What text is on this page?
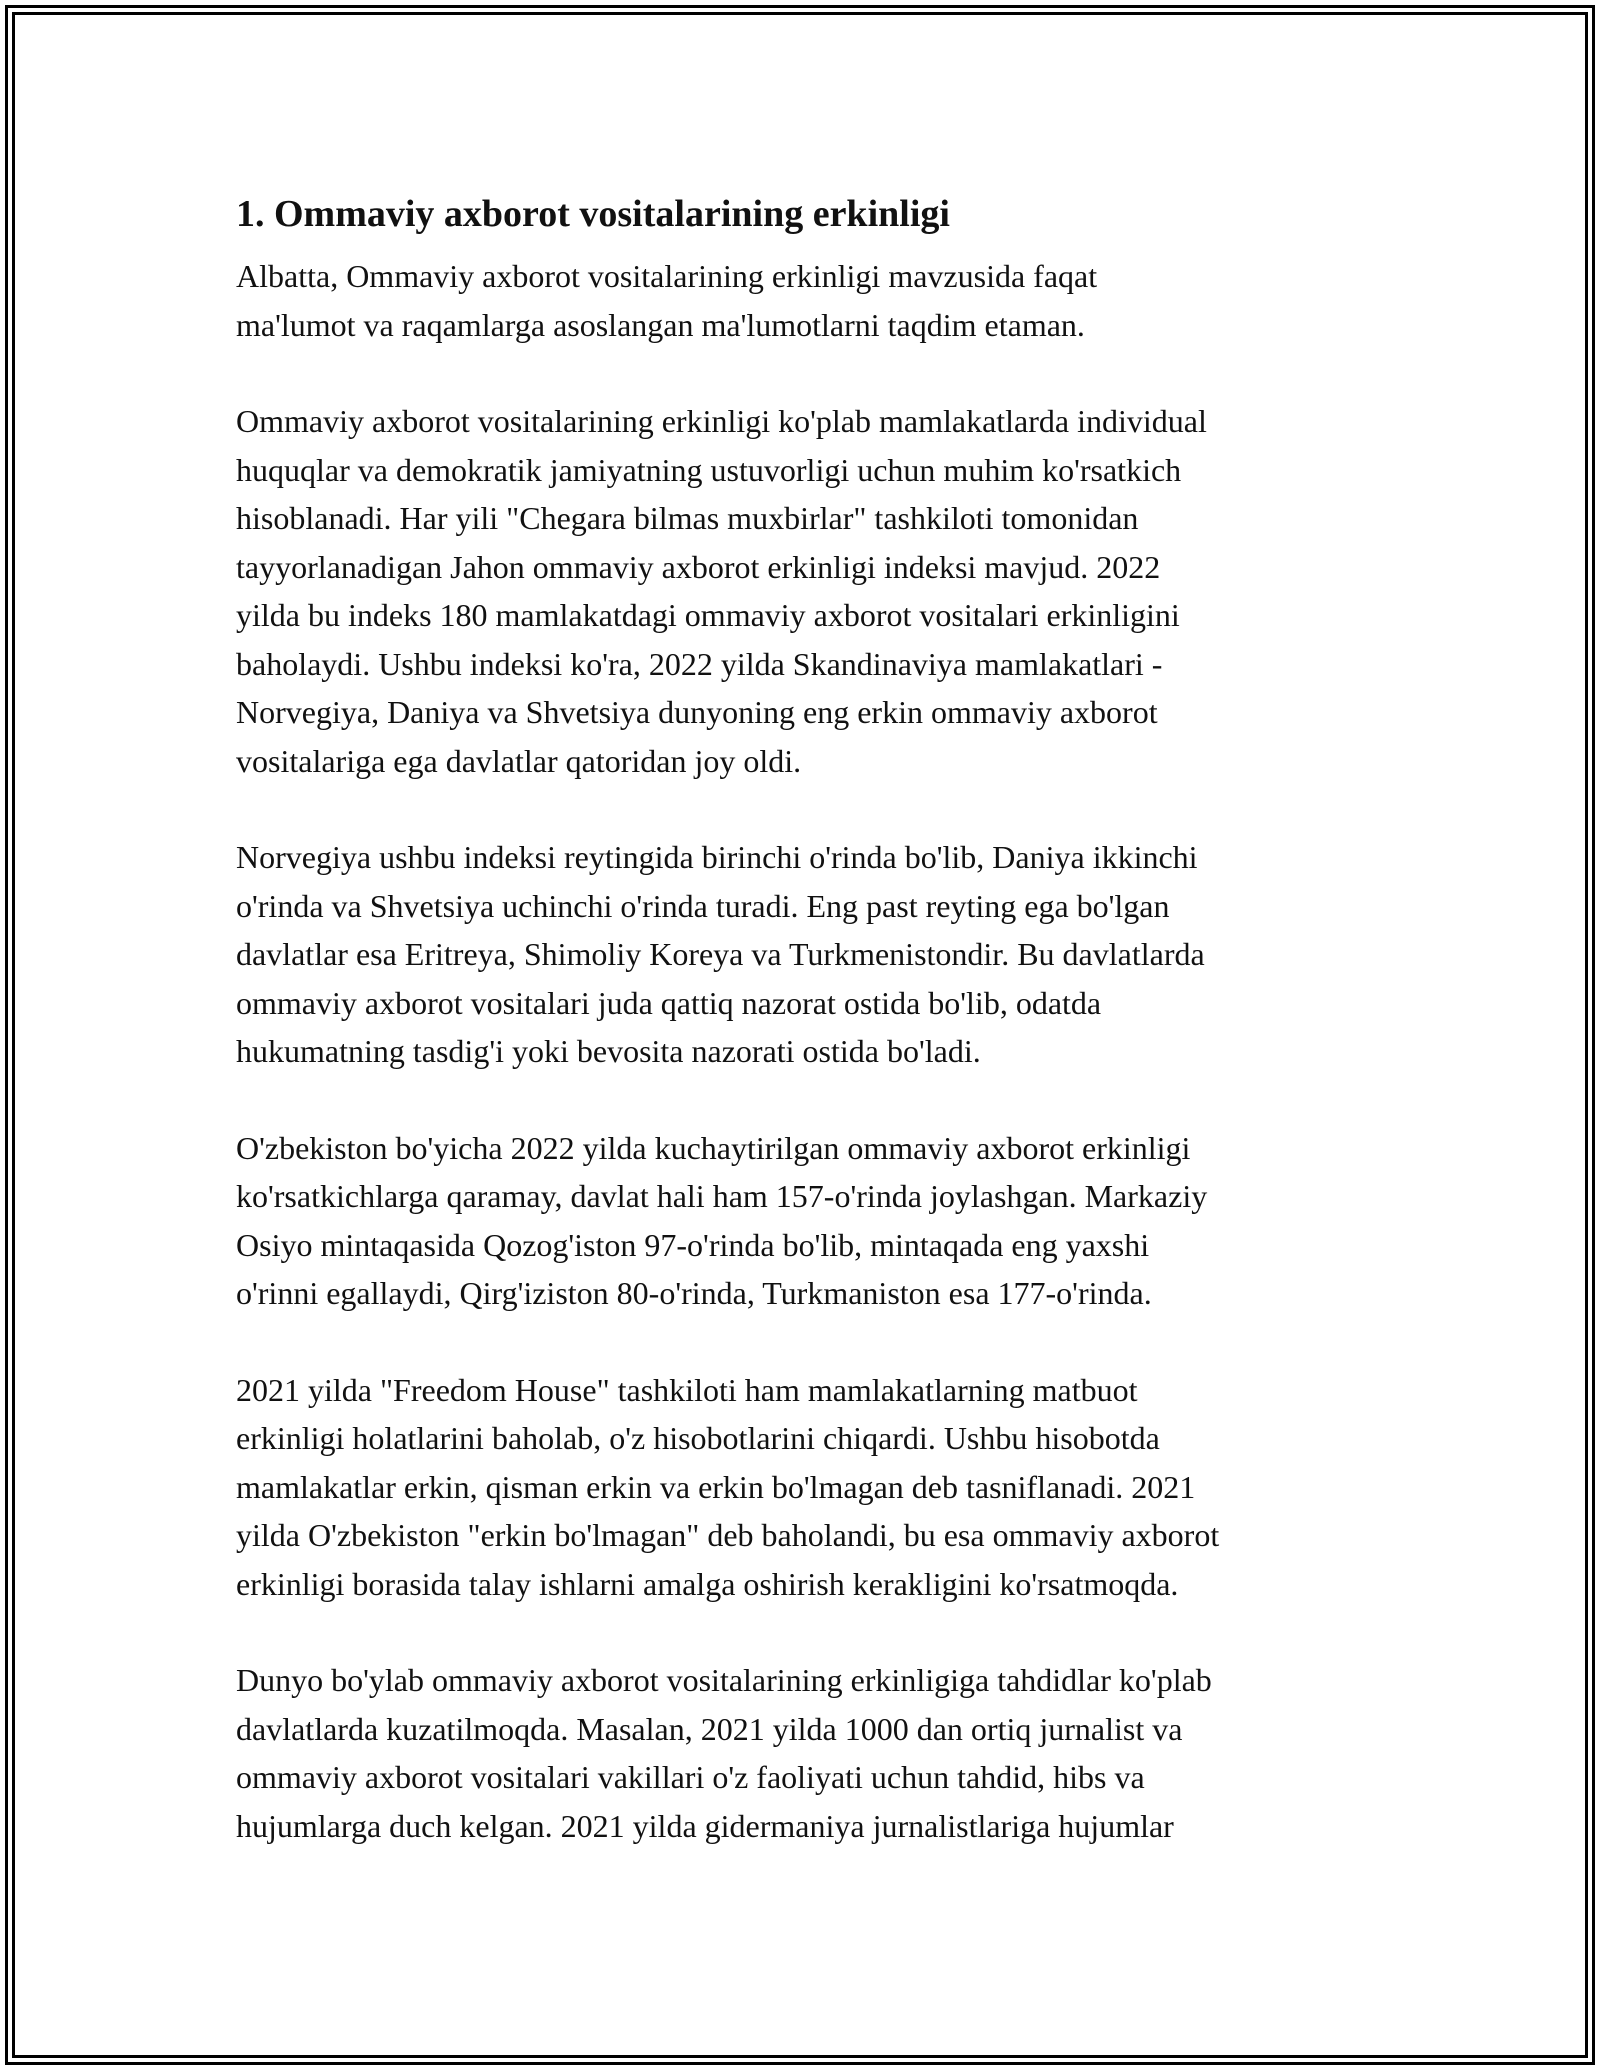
1. Ommaviy axborot vositalarining erkinligi

Albatta, Ommaviy axborot vositalarining erkinligi mavzusida faqat
ma'lumot va raqamlarga asoslangan ma'lumotlarni taqdim etaman.

Ommaviy axborot vositalarining erkinligi ko'plab mamlakatlarda individual
huquqlar va demokratik jamiyatning ustuvorligi uchun muhim ko'rsatkich
hisoblanadi. Har yili "Chegara bilmas muxbirlar" tashkiloti tomonidan
tayyorlanadigan Jahon ommaviy axborot erkinligi indeksi mavjud. 2022
yilda bu indeks 180 mamlakatdagi ommaviy axborot vositalari erkinligini
baholaydi. Ushbu indeksi ko'ra, 2022 yilda Skandinaviya mamlakatlari -
Norvegiya, Daniya va Shvetsiya dunyoning eng erkin ommaviy axborot
vositalariga ega davlatlar qatoridan joy oldi.

Norvegiya ushbu indeksi reytingida birinchi o'rinda bo'lib, Daniya ikkinchi
o'rinda va Shvetsiya uchinchi o'rinda turadi. Eng past reyting ega bo'lgan
davlatlar esa Eritreya, Shimoliy Koreya va Turkmenistondir. Bu davlatlarda
ommaviy axborot vositalari juda qattiq nazorat ostida bo'lib, odatda
hukumatning tasdig'i yoki bevosita nazorati ostida bo'ladi.

O'zbekiston bo'yicha 2022 yilda kuchaytirilgan ommaviy axborot erkinligi
ko'rsatkichlarga qaramay, davlat hali ham 157-o'rinda joylashgan. Markaziy
Osiyo mintaqasida Qozog'iston 97-o'rinda bo'lib, mintaqada eng yaxshi
o'rinni egallaydi, Qirg'iziston 80-o'rinda, Turkmaniston esa 177-o'rinda.

2021 yilda "Freedom House" tashkiloti ham mamlakatlarning matbuot
erkinligi holatlarini baholab, o'z hisobotlarini chiqardi. Ushbu hisobotda
mamlakatlar erkin, qisman erkin va erkin bo'lmagan deb tasniflanadi. 2021
yilda O'zbekiston "erkin bo'lmagan" deb baholandi, bu esa ommaviy axborot
erkinligi borasida talay ishlarni amalga oshirish kerakligini ko'rsatmoqda.

Dunyo bo'ylab ommaviy axborot vositalarining erkinligiga tahdidlar ko'plab
davlatlarda kuzatilmoqda. Masalan, 2021 yilda 1000 dan ortiq jurnalist va
ommaviy axborot vositalari vakillari o'z faoliyati uchun tahdid, hibs va
hujumlarga duch kelgan. 2021 yilda gidermaniya jurnalistlariga hujumlar
